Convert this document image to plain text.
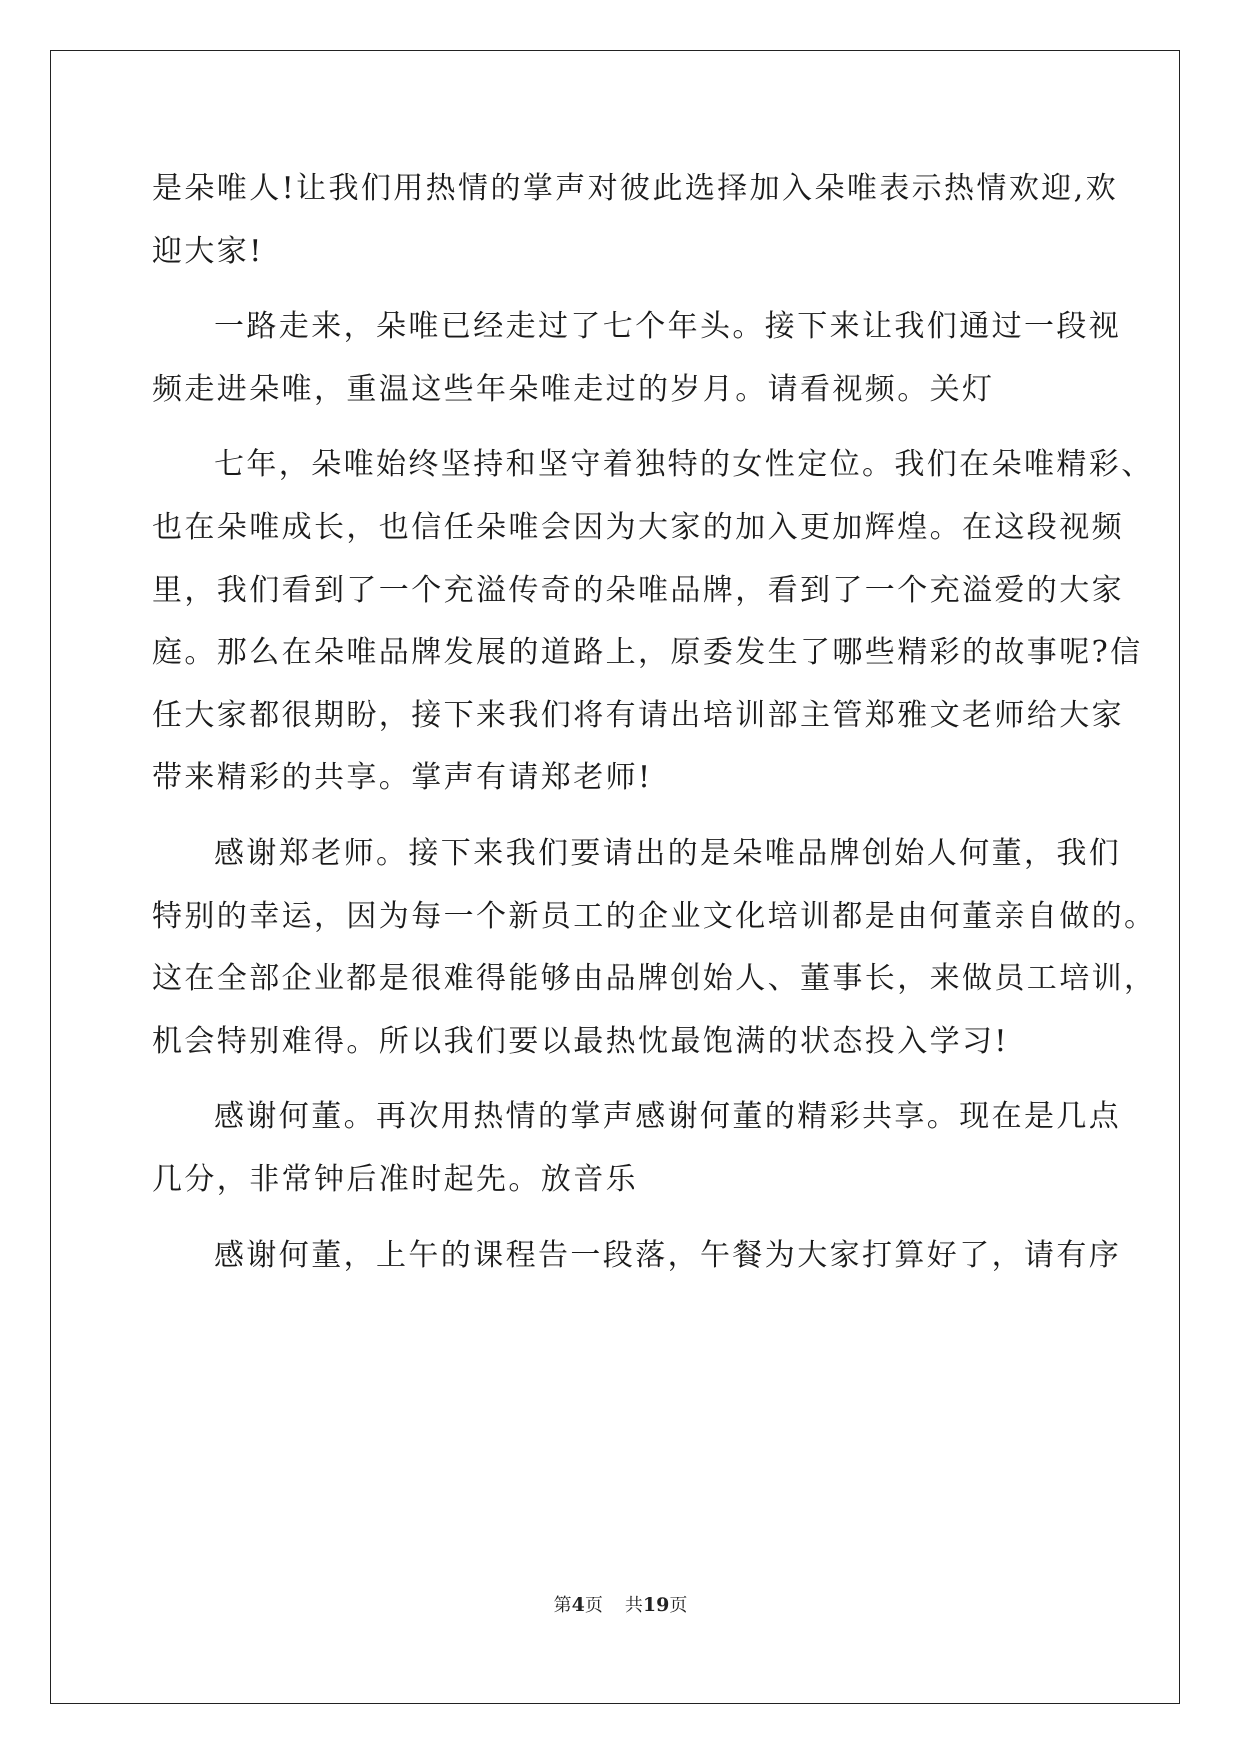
是朵唯人!让我们用热情的掌声对彼此选择加入朵唯表示热情欢迎,欢
迎大家!
一路走来，朵唯已经走过了七个年头。接下来让我们通过一段视
频走进朵唯，重温这些年朵唯走过的岁月。请看视频。关灯
七年，朵唯始终坚持和坚守着独特的女性定位。我们在朵唯精彩、
也在朵唯成长，也信任朵唯会因为大家的加入更加辉煌。在这段视频
里，我们看到了一个充溢传奇的朵唯品牌，看到了一个充溢爱的大家
庭。那么在朵唯品牌发展的道路上，原委发生了哪些精彩的故事呢?信
任大家都很期盼，接下来我们将有请出培训部主管郑雅文老师给大家
带来精彩的共享。掌声有请郑老师!
感谢郑老师。接下来我们要请出的是朵唯品牌创始人何董，我们
特别的幸运，因为每一个新员工的企业文化培训都是由何董亲自做的。
这在全部企业都是很难得能够由品牌创始人、董事长，来做员工培训，
机会特别难得。所以我们要以最热忱最饱满的状态投入学习!
感谢何董。再次用热情的掌声感谢何董的精彩共享。现在是几点
几分，非常钟后准时起先。放音乐
感谢何董，上午的课程告一段落，午餐为大家打算好了，请有序
第4页 共19页
